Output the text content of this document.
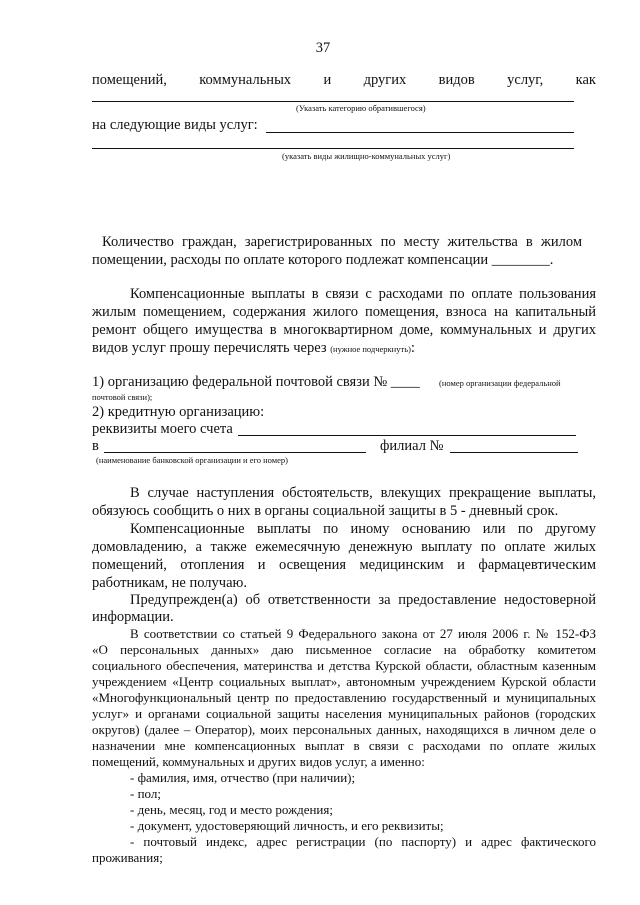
37
помещений, коммунальных и других видов услуг, как
(Указать категорию обратившегося)
на следующие виды услуг:
(указать виды жилищно-коммунальных услуг)
Количество граждан, зарегистрированных по месту жительства в жилом
помещении, расходы по оплате которого подлежат компенсации ________.
Компенсационные выплаты в связи с расходами по оплате пользования
жилым помещением, содержания жилого помещения, взноса на капитальный
ремонт общего имущества в многоквартирном доме, коммунальных и других
видов услуг прошу перечислять через (нужное подчеркнуть):
1) организацию федеральной почтовой связи № ____ (номер организации федеральной
почтовой связи);
2) кредитную организацию:
реквизиты моего счета
в	филиал №
(наименование банковской организации и его номер)
В случае наступления обстоятельств, влекущих прекращение выплаты,
обязуюсь сообщить о них в органы социальной защиты в 5 - дневный срок.
Компенсационные выплаты по иному основанию или по другому
домовладению, а также ежемесячную денежную выплату по оплате жилых
помещений, отопления и освещения медицинским и фармацевтическим
работникам, не получаю.
Предупрежден(а) об ответственности за предоставление недостоверной
информации.
В соответствии со статьей 9 Федерального закона от 27 июля 2006 г. № 152-ФЗ
«О персональных данных» даю письменное согласие на обработку комитетом
социального обеспечения, материнства и детства Курской области, областным казенным
учреждением «Центр социальных выплат», автономным учреждением Курской области
«Многофункциональный центр по предоставлению государственный и муниципальных
услуг» и органами социальной защиты населения муниципальных районов (городских
округов) (далее – Оператор), моих персональных данных, находящихся в личном деле о
назначении мне компенсационных выплат в связи с расходами по оплате жилых
помещений, коммунальных и других видов услуг, а именно:
- фамилия, имя, отчество (при наличии);
- пол;
- день, месяц, год и место рождения;
- документ, удостоверяющий личность, и его реквизиты;
- почтовый индекс, адрес регистрации (по паспорту) и адрес фактического
проживания;
